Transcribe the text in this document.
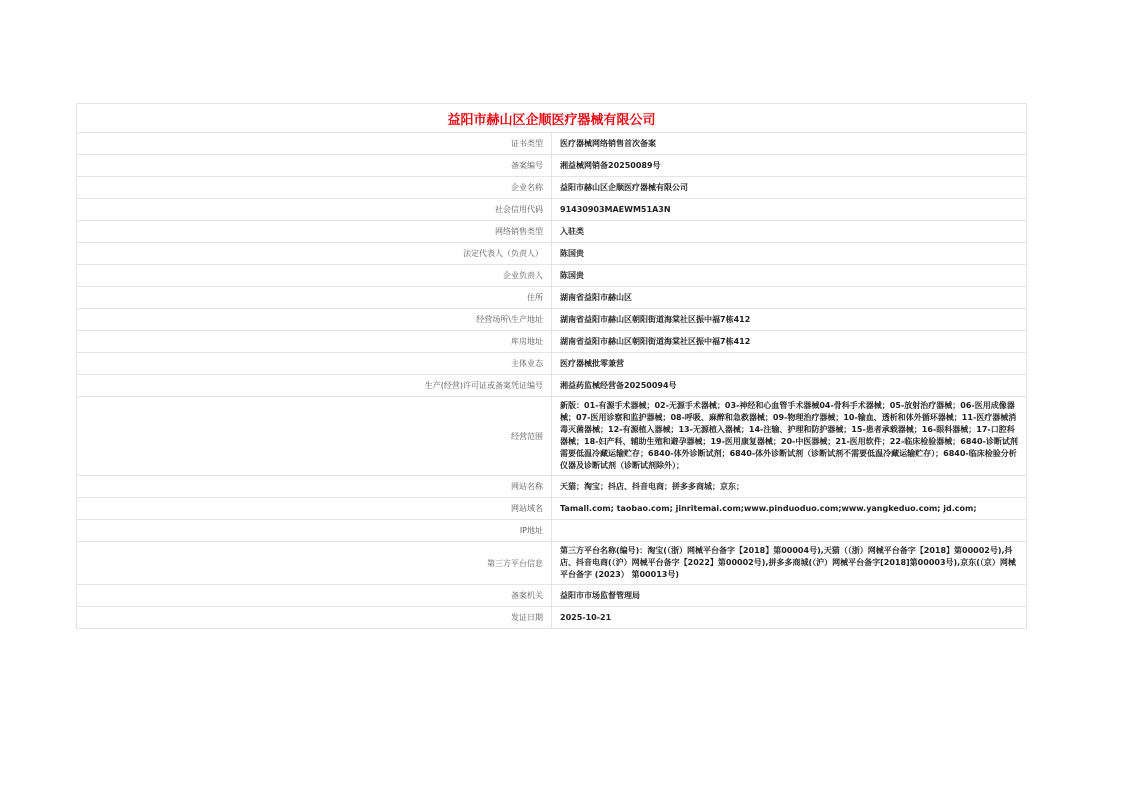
益阳市赫山区企顺医疗器械有限公司	
证书类型	医疗器械网络销售首次备案
备案编号	湘益械网销备20250089号
企业名称	益阳市赫山区企顺医疗器械有限公司
社会信用代码	91430903MAEWM51A3N
网络销售类型	入驻类
法定代表人（负责人）	陈国贵
企业负责人	陈国贵
住所	湖南省益阳市赫山区
经营场所\生产地址	湖南省益阳市赫山区朝阳街道海棠社区振中福7栋412
库房地址	湖南省益阳市赫山区朝阳街道海棠社区振中福7栋412
主体业态	医疗器械批零兼营
生产(经营)许可证或备案凭证编号	湘益药监械经营备20250094号
经营范围	新版：01-有源手术器械；02-无源手术器械；03-神经和心血管手术器械04-骨科手术器械；05-放射治疗器械；06-医用成像器械；07-医用诊察和监护器械；08-呼吸、麻醉和急救器械；09-物理治疗器械；10-输血、透析和体外循环器械；11-医疗器械消毒灭菌器械；12-有源植入器械；13-无源植入器械；14-注输、护理和防护器械；15-患者承载器械；16-眼科器械；17-口腔科器械；18-妇产科、辅助生殖和避孕器械；19-医用康复器械；20-中医器械；21-医用软件；22-临床检验器械；6840-诊断试剂需要低温冷藏运输贮存；6840-体外诊断试剂；6840-体外诊断试剂（诊断试剂不需要低温冷藏运输贮存）；6840-临床检验分析仪器及诊断试剂（诊断试剂除外）；
网站名称	天猫；淘宝；抖店、抖音电商；拼多多商城；京东；
网站域名	Tamall.com; taobao.com; jinritemai.com;www.pinduoduo.com;www.yangkeduo.com; jd.com;
IP地址	
第三方平台信息	第三方平台名称(编号)：淘宝(（浙）网械平台备字【2018】第00004号),天猫（（浙）网械平台备字【2018】第00002号),抖店、抖音电商(（沪）网械平台备字【2022】第00002号),拼多多商城(（沪）网械平台备字[2018]第00003号),京东(（京）网械平台备字 (2023） 第00013号)
备案机关	益阳市市场监督管理局
发证日期	2025-10-21
